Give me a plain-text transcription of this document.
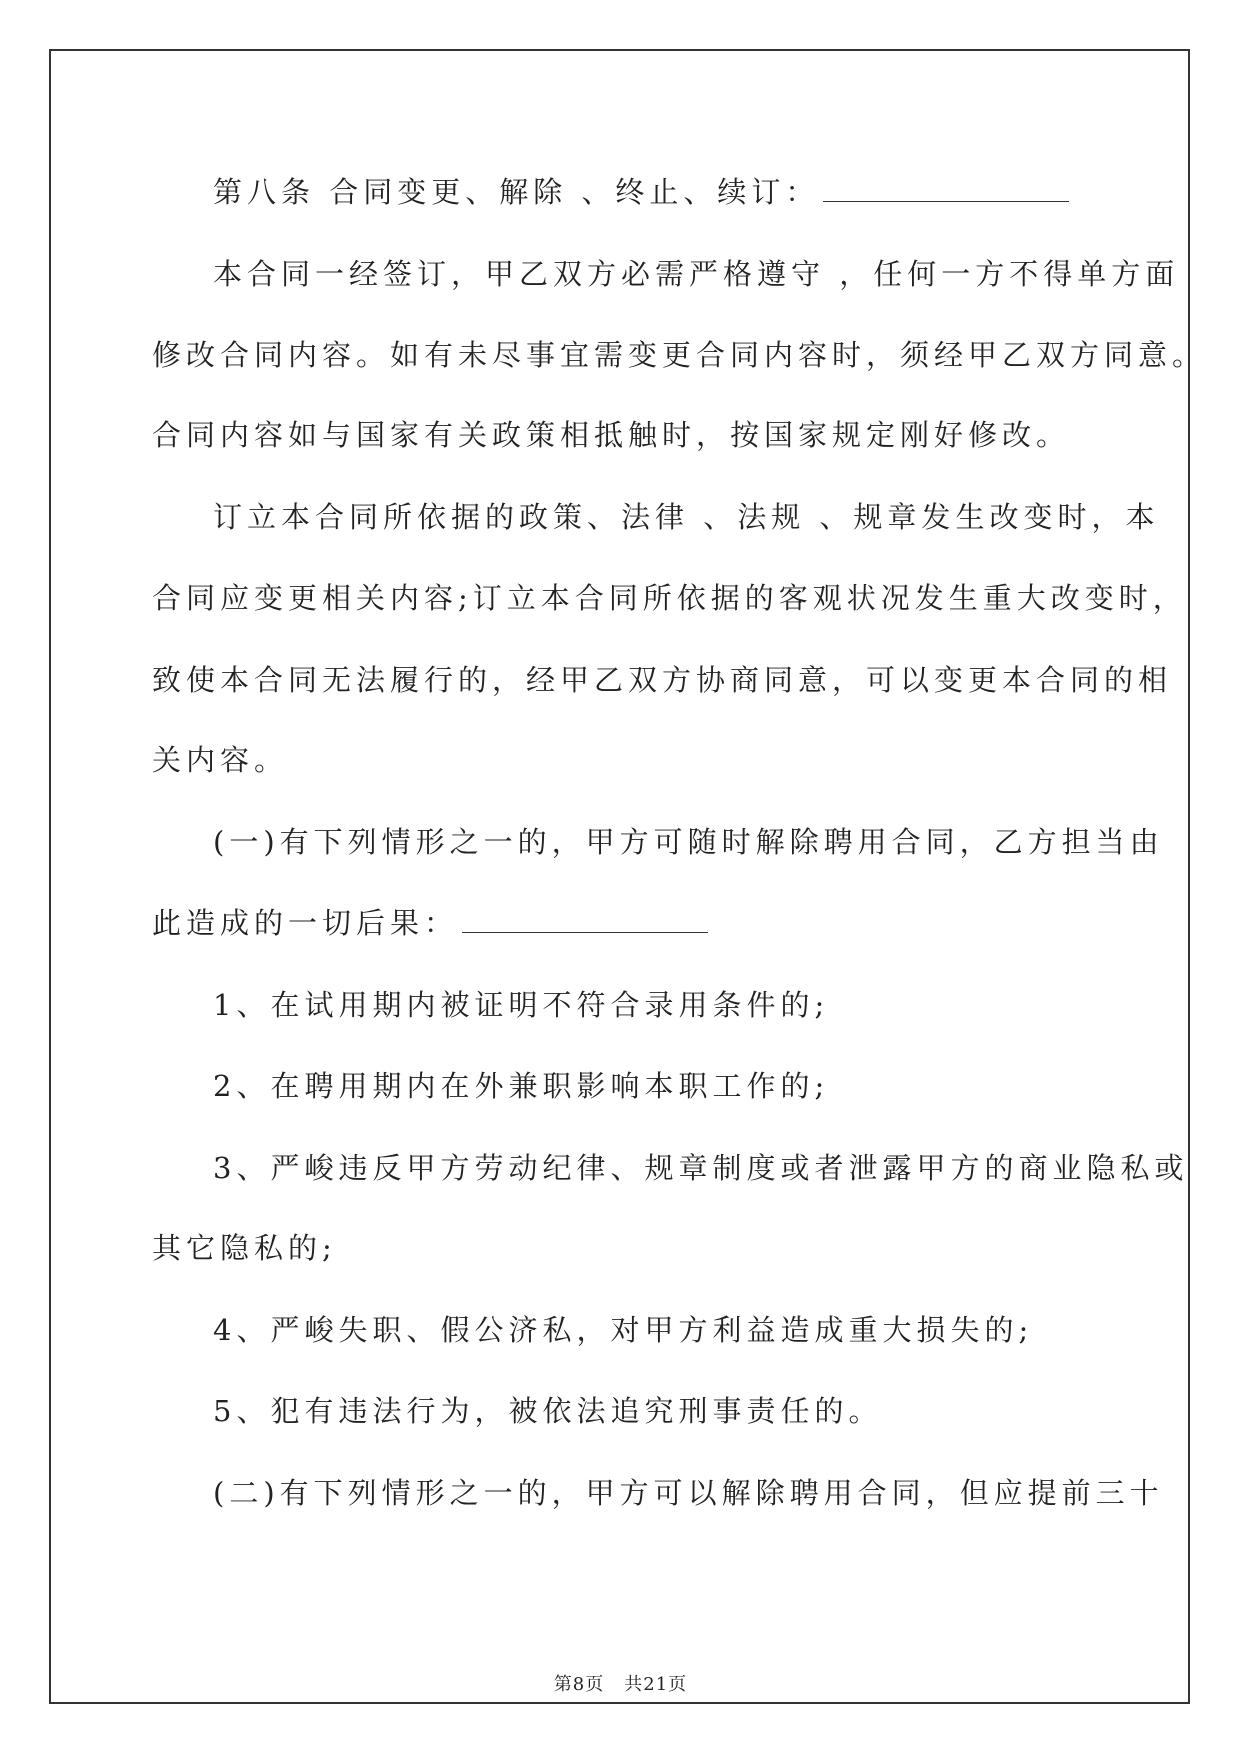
第八条 合同变更、解除 、终止、续订：
本合同一经签订，甲乙双方必需严格遵守 ，任何一方不得单方面
修改合同内容。如有未尽事宜需变更合同内容时，须经甲乙双方同意。
合同内容如与国家有关政策相抵触时，按国家规定刚好修改。
订立本合同所依据的政策、法律 、法规 、规章发生改变时，本
合同应变更相关内容;订立本合同所依据的客观状况发生重大改变时，
致使本合同无法履行的，经甲乙双方协商同意，可以变更本合同的相
关内容。
(一)有下列情形之一的，甲方可随时解除聘用合同，乙方担当由
此造成的一切后果：
1、在试用期内被证明不符合录用条件的;
2、在聘用期内在外兼职影响本职工作的;
3、严峻违反甲方劳动纪律、规章制度或者泄露甲方的商业隐私或
其它隐私的;
4、严峻失职、假公济私，对甲方利益造成重大损失的;
5、犯有违法行为，被依法追究刑事责任的。
(二)有下列情形之一的，甲方可以解除聘用合同，但应提前三十
第8页 共21页
